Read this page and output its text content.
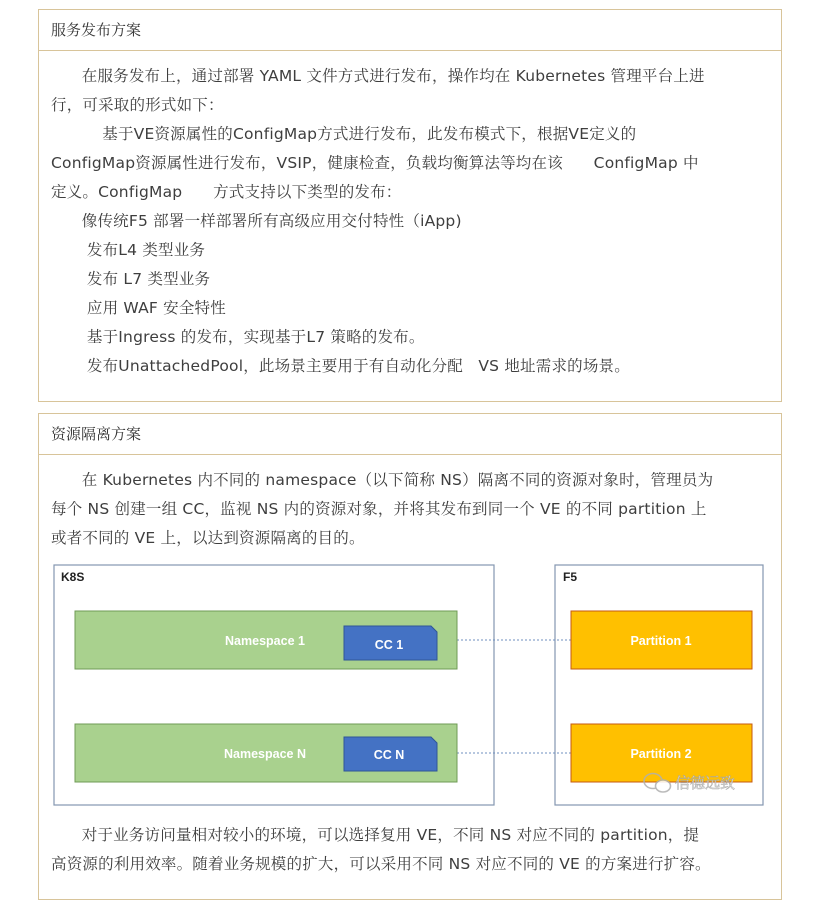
服务发布方案
在服务发布上，通过部署 YAML 文件方式进行发布，操作均在 Kubernetes 管理平台上进
行，可采取的形式如下：
基于VE资源属性的ConfigMap方式进行发布，此发布模式下，根据VE定义的
ConfigMap资源属性进行发布，VSIP，健康检查，负载均衡算法等均在该      ConfigMap 中
定义。ConfigMap      方式支持以下类型的发布：
像传统F5 部署一样部署所有高级应用交付特性（iApp)
发布L4 类型业务
发布 L7 类型业务
应用 WAF 安全特性
基于Ingress 的发布，实现基于L7 策略的发布。
发布UnattachedPool，此场景主要用于有自动化分配   VS 地址需求的场景。
资源隔离方案
在 Kubernetes 内不同的 namespace（以下简称 NS）隔离不同的资源对象时，管理员为
每个 NS 创建一组 CC，监视 NS 内的资源对象，并将其发布到同一个 VE 的不同 partition 上
或者不同的 VE 上，以达到资源隔离的目的。
K8S	F5
Namespace 1	CC 1
Namespace N	CC N
Partition 1
Partition 2
信德远致
对于业务访问量相对较小的环境，可以选择复用 VE，不同 NS 对应不同的 partition，提
高资源的利用效率。随着业务规模的扩大，可以采用不同 NS 对应不同的 VE 的方案进行扩容。
